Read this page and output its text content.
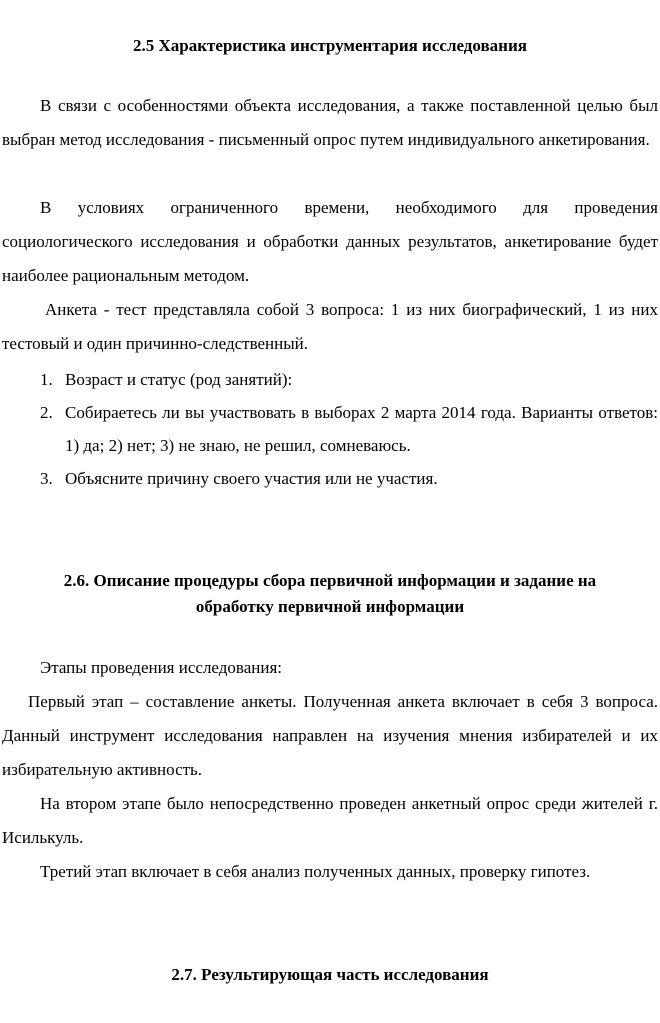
2.5 Характеристика инструментария исследования

В связи с особенностями объекта исследования, а также поставленной целью был выбран метод исследования - письменный опрос путем индивидуального анкетирования.

В условиях ограниченного времени, необходимого для проведения социологического исследования и обработки данных результатов, анкетирование будет наиболее рациональным методом.

Анкета - тест представляла собой 3 вопроса: 1 из них биографический, 1 из них тестовый и один причинно-следственный.

1. Возраст и статус (род занятий):
2. Собираетесь ли вы участвовать в выборах 2 марта 2014 года. Варианты ответов: 1) да; 2) нет; 3) не знаю, не решил, сомневаюсь.
3. Объясните причину своего участия или не участия.
2.6. Описание процедуры сбора первичной информации и задание на
обработку первичной информации

Этапы проведения исследования:

Первый этап – составление анкеты. Полученная анкета включает в себя 3 вопроса. Данный инструмент исследования направлен на изучения мнения избирателей и их избирательную активность.

На втором этапе было непосредственно проведен анкетный опрос среди жителей г. Исилькуль.

Третий этап включает в себя анализ полученных данных, проверку гипотез.

2.7. Результирующая часть исследования
